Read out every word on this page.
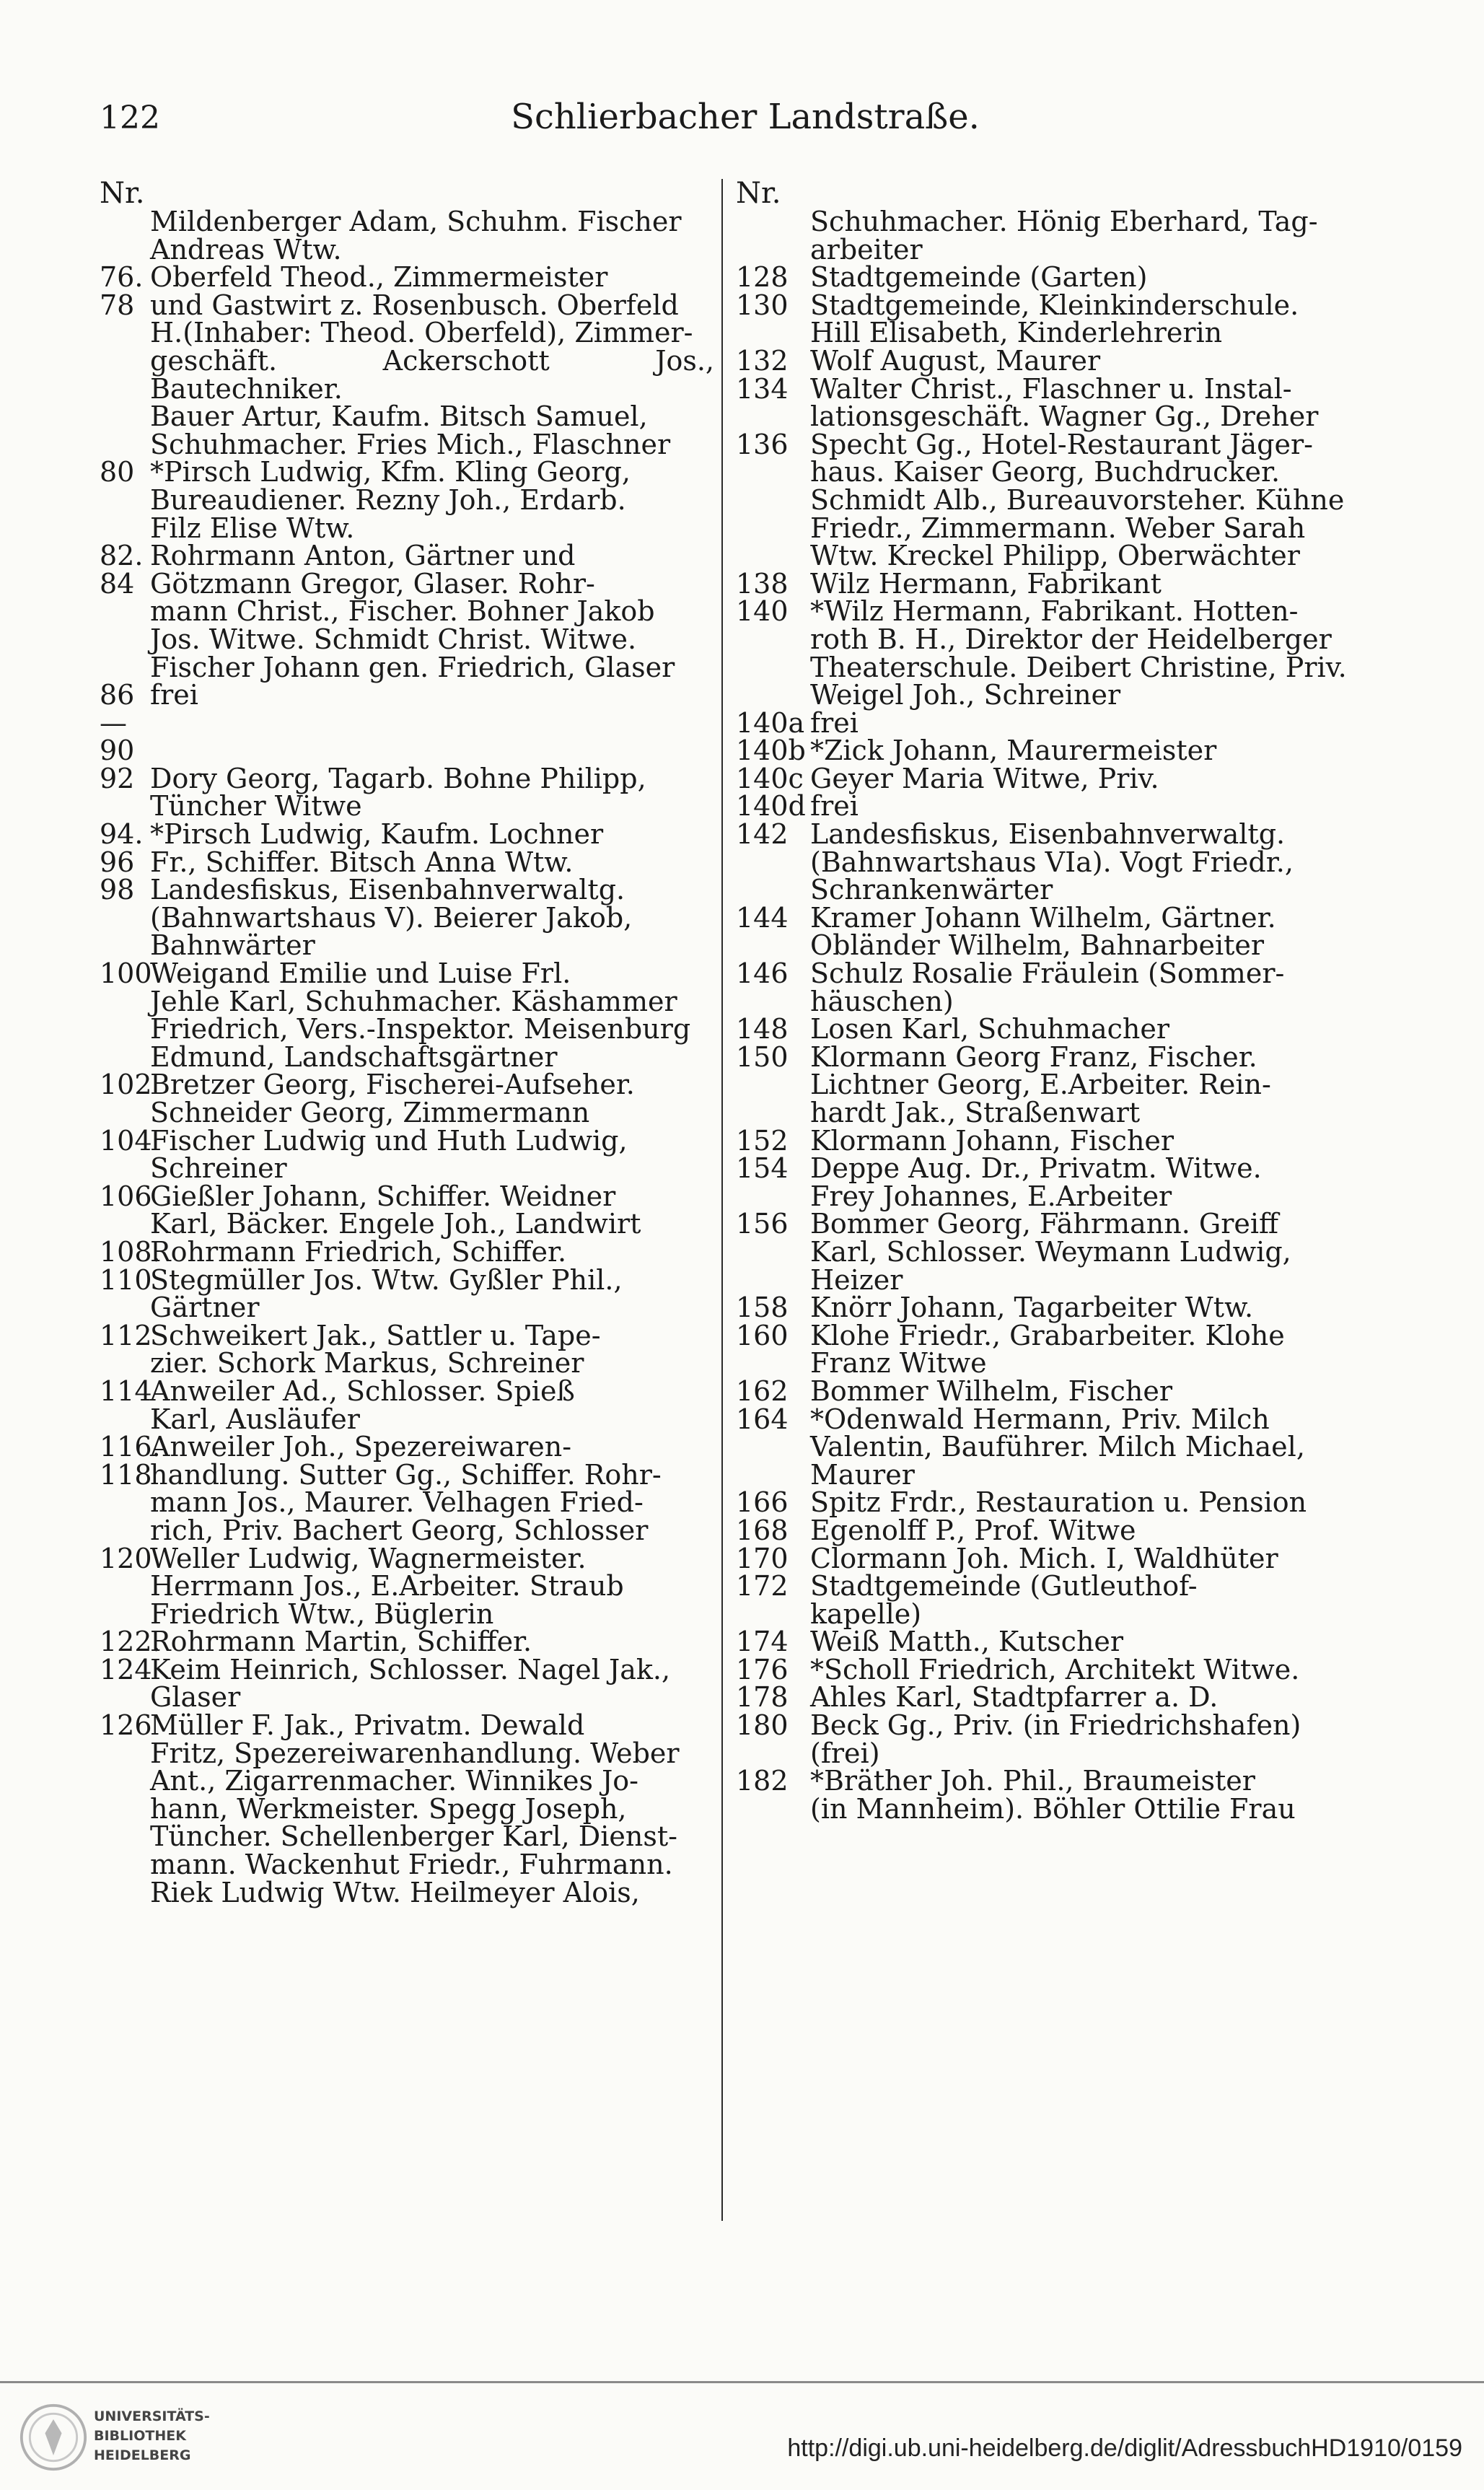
122	Schlierbacher Landstraße.
Nr.
Mildenberger Adam, Schuhm. Fischer
Andreas Wtw.
76. 78
Oberfeld Theod., Zimmermeister
und Gastwirt z. Rosenbusch. Oberfeld
H.(Inhaber: Theod. Oberfeld), Zimmer-
geschäft. Ackerschott Jos., Bautechniker.
Bauer Artur, Kaufm. Bitsch Samuel,
Schuhmacher. Fries Mich., Flaschner
80 *Pirsch Ludwig, Kfm. Kling Georg,
Bureaudiener. Rezny Joh., Erdarb.
Filz Elise Wtw.
82. 84
Rohrmann Anton, Gärtner und
Götzmann Gregor, Glaser. Rohr-
mann Christ., Fischer. Bohner Jakob
Jos. Witwe. Schmidt Christ. Witwe.
Fischer Johann gen. Friedrich, Glaser
86—90
frei
92 Dory Georg, Tagarb. Bohne Philipp,
Tüncher Witwe
94. 96
*Pirsch Ludwig, Kaufm. Lochner
Fr., Schiffer. Bitsch Anna Wtw.
98 Landesfiskus, Eisenbahnverwaltg.
(Bahnwartshaus V). Beierer Jakob,
Bahnwärter
100
Weigand Emilie und Luise Frl.
Jehle Karl, Schuhmacher. Käshammer
Friedrich, Vers.-Inspektor. Meisenburg
Edmund, Landschaftsgärtner
102
Bretzer Georg, Fischerei-Aufseher.
Schneider Georg, Zimmermann
104
Fischer Ludwig und Huth Ludwig,
Schreiner
106
Gießler Johann, Schiffer. Weidner
Karl, Bäcker. Engele Joh., Landwirt
108. 110
Rohrmann Friedrich, Schiffer.
Stegmüller Jos. Wtw. Gyßler Phil.,
Gärtner
112
Schweikert Jak., Sattler u. Tape-
zier. Schork Markus, Schreiner
114
Anweiler Ad., Schlosser. Spieß
Karl, Ausläufer
116. 118
Anweiler Joh., Spezereiwaren-
handlung. Sutter Gg., Schiffer. Rohr-
mann Jos., Maurer. Velhagen Fried-
rich, Priv. Bachert Georg, Schlosser
120
Weller Ludwig, Wagnermeister.
Herrmann Jos., E.Arbeiter. Straub
Friedrich Wtw., Büglerin
122. 124
Rohrmann Martin, Schiffer.
Keim Heinrich, Schlosser. Nagel Jak.,
Glaser
126
Müller F. Jak., Privatm. Dewald
Fritz, Spezereiwarenhandlung. Weber
Ant., Zigarrenmacher. Winnikes Jo-
hann, Werkmeister. Spegg Joseph,
Tüncher. Schellenberger Karl, Dienst-
mann. Wackenhut Friedr., Fuhrmann.
Riek Ludwig Wtw. Heilmeyer Alois,
Nr.
Schuhmacher. Hönig Eberhard, Tag-
arbeiter
128 Stadtgemeinde (Garten)
130 Stadtgemeinde, Kleinkinderschule.
Hill Elisabeth, Kinderlehrerin
132 Wolf August, Maurer
134 Walter Christ., Flaschner u. Instal-
lationsgeschäft. Wagner Gg., Dreher
136 Specht Gg., Hotel-Restaurant Jäger-
haus. Kaiser Georg, Buchdrucker.
Schmidt Alb., Bureauvorsteher. Kühne
Friedr., Zimmermann. Weber Sarah
Wtw. Kreckel Philipp, Oberwächter
138 Wilz Hermann, Fabrikant
140 *Wilz Hermann, Fabrikant. Hotten-
roth B. H., Direktor der Heidelberger
Theaterschule. Deibert Christine, Priv.
Weigel Joh., Schreiner
140a frei
140b *Zick Johann, Maurermeister
140c Geyer Maria Witwe, Priv.
140d frei
142 Landesfiskus, Eisenbahnverwaltg.
(Bahnwartshaus VIa). Vogt Friedr.,
Schrankenwärter
144 Kramer Johann Wilhelm, Gärtner.
Obländer Wilhelm, Bahnarbeiter
146 Schulz Rosalie Fräulein (Sommer-
häuschen)
148 Losen Karl, Schuhmacher
150 Klormann Georg Franz, Fischer.
Lichtner Georg, E.Arbeiter. Rein-
hardt Jak., Straßenwart
152 Klormann Johann, Fischer
154 Deppe Aug. Dr., Privatm. Witwe.
Frey Johannes, E.Arbeiter
156 Bommer Georg, Fährmann. Greiff
Karl, Schlosser. Weymann Ludwig,
Heizer
158 Knörr Johann, Tagarbeiter Wtw.
160 Klohe Friedr., Grabarbeiter. Klohe
Franz Witwe
162 Bommer Wilhelm, Fischer
164 *Odenwald Hermann, Priv. Milch
Valentin, Bauführer. Milch Michael,
Maurer
166 Spitz Frdr., Restauration u. Pension
168 Egenolff P., Prof. Witwe
170 Clormann Joh. Mich. I, Waldhüter
172 Stadtgemeinde (Gutleuthof-
kapelle)
174 Weiß Matth., Kutscher
176 *Scholl Friedrich, Architekt Witwe.
178 Ahles Karl, Stadtpfarrer a. D.
180 Beck Gg., Priv. (in Friedrichshafen)
(frei)
182 *Bräther Joh. Phil., Braumeister
(in Mannheim). Böhler Ottilie Frau
UNIVERSITÄTS-
BIBLIOTHEK
HEIDELBERG	http://digi.ub.uni-heidelberg.de/diglit/AdressbuchHD1910/0159
